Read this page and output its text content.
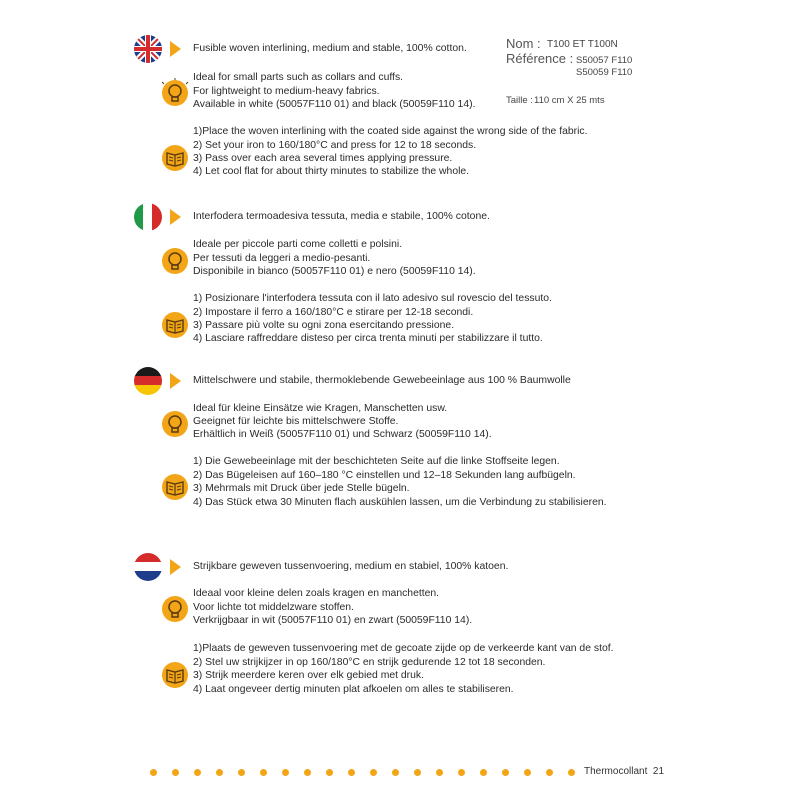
Nom : T100 ET T100N
Référence : S50057 F110
S50059 F110
Taille : 110 cm X 25 mts
Fusible woven interlining, medium and stable, 100% cotton.
Ideal for small parts such as collars and cuffs.
For lightweight to medium-heavy fabrics.
Available in white (50057F110 01) and black (50059F110 14).
1)Place the woven interlining with the coated side against the wrong side of the fabric.
2) Set your iron to 160/180°C and press for 12 to 18 seconds.
3) Pass over each area several times applying pressure.
4) Let cool flat for about thirty minutes to stabilize the whole.
Interfodera termoadesiva tessuta, media e stabile, 100% cotone.
Ideale per piccole parti come colletti e polsini.
Per tessuti da leggeri a medio-pesanti.
Disponibile in bianco (50057F110 01) e nero (50059F110 14).
1) Posizionare l'interfodera tessuta con il lato adesivo sul rovescio del tessuto.
2) Impostare il ferro a 160/180°C e stirare per 12-18 secondi.
3) Passare più volte su ogni zona esercitando pressione.
4) Lasciare raffreddare disteso per circa trenta minuti per stabilizzare il tutto.
Mittelschwere und stabile, thermoklebende Gewebeeinlage aus 100 % Baumwolle
Ideal für kleine Einsätze wie Kragen, Manschetten usw.
Geeignet für leichte bis mittelschwere Stoffe.
Erhältlich in Weiß (50057F110 01) und Schwarz (50059F110 14).
1) Die Gewebeeinlage mit der beschichteten Seite auf die linke Stoffseite legen.
2) Das Bügeleisen auf 160–180 °C einstellen und 12–18 Sekunden lang aufbügeln.
3) Mehrmals mit Druck über jede Stelle bügeln.
4) Das Stück etwa 30 Minuten flach auskühlen lassen, um die Verbindung zu stabilisieren.
Strijkbare geweven tussenvoering, medium en stabiel, 100% katoen.
Ideaal voor kleine delen zoals kragen en manchetten.
Voor lichte tot middelzware stoffen.
Verkrijgbaar in wit (50057F110 01) en zwart (50059F110 14).
1)Plaats de geweven tussenvoering met de gecoate zijde op de verkeerde kant van de stof.
2) Stel uw strijkijzer in op 160/180°C en strijk gedurende 12 tot 18 seconden.
3) Strijk meerdere keren over elk gebied met druk.
4) Laat ongeveer dertig minuten plat afkoelen om alles te stabiliseren.
Thermocollant 21
